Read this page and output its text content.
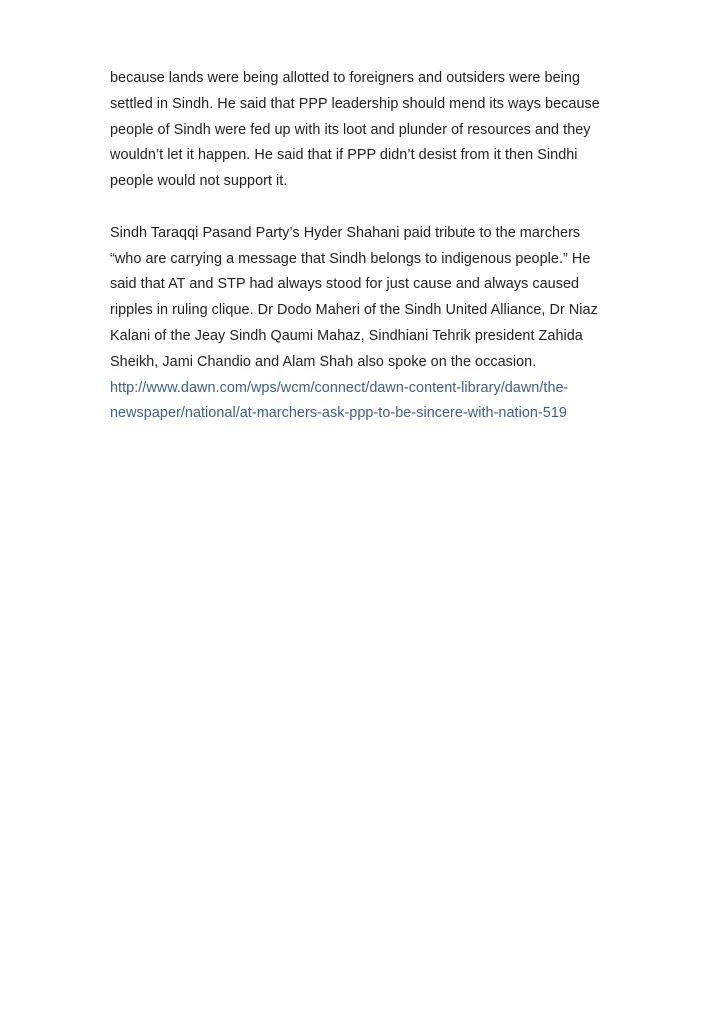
because lands were being allotted to foreigners and outsiders were being
settled in Sindh. He said that PPP leadership should mend its ways because
people of Sindh were fed up with its loot and plunder of resources and they
wouldn’t let it happen. He said that if PPP didn’t desist from it then Sindhi
people would not support it.

Sindh Taraqqi Pasand Party’s Hyder Shahani paid tribute to the marchers
“who are carrying a message that Sindh belongs to indigenous people.” He
said that AT and STP had always stood for just cause and always caused
ripples in ruling clique. Dr Dodo Maheri of the Sindh United Alliance, Dr Niaz
Kalani of the Jeay Sindh Qaumi Mahaz, Sindhiani Tehrik president Zahida
Sheikh, Jami Chandio and Alam Shah also spoke on the occasion.

http://www.dawn.com/wps/wcm/connect/dawn-content-library/dawn/the-
newspaper/national/at-marchers-ask-ppp-to-be-sincere-with-nation-519
